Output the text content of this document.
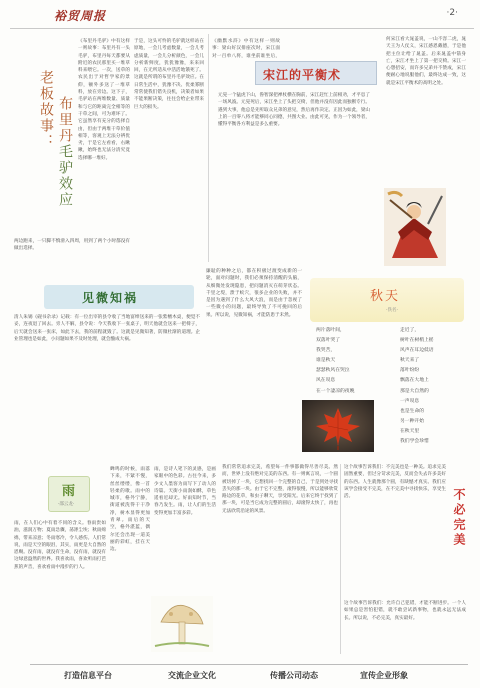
裕贸周报	·2·
老板故事： 布里丹毛驴效应
《布里丹毛驴》中有这样一则故事：布里丹有一头毛驴，布里丹每天都要从附近的农民那里买一堆草料来喂它。一次，送草的农民出于对哲学家的景仰，额外多送了一堆草料，放在旁边。这下子，毛驴站在两堆数量、质量和与它的距离完全相等的干草之间，可为难坏了。它虽然享有充分的选择自由，但由于两堆干草价值相等，客观上无法分辨优劣，于是它左看看，右瞅瞅，始终也无法分清究竟选择哪一堆好。
两边跑来，一只脚不慎滑入四周，用到了两个小时都没有做出选择。
于是，这头可怜的毛驴就这样站在原地，一会儿考虑数量，一会儿考虑质量，一会儿分析颜色，一会儿分析新鲜度，犹犹豫豫，来来回回，在无所适从中活活地饿死了。这就是所谓的布里丹毛驴效应。在日常生活中，犹豫不决、优柔寡断常常使我们错失良机，决策者如果不能果断决策，往往会给企业带来巨大的损失。
宋江的平衡术
《幽默水浒》中有这样一则故事：梁山好汉排座次时，宋江面对一百单八将，谁坐前谁坐后，
元晃一个猛虎下山，鲁智深把禅杖横在胸前，宋江赶忙上前相劝，才平息了一场风波。元晃死后，宋江坐上了头把交椅，但他并没有因此而独断专行。遇到大事，他总是先听取众兄弟的意见，然后再作决定。正因为如此，梁山上的一百零八将才能够同心同德，共图大业。由此可见，作为一个领导者，懂得平衡各方利益是多么重要。
何宋江看大晁盖说，一山不容二虎，晁天王为人仗义，宋江感恩戴德，于是他把主位让给了晁盖。后来晁盖中箭身亡，宋江才坐上了第一把交椅。宋江一心想招安，而许多兄弟并不赞成，宋江便耐心地说服他们，最终达成一致，这就是宋江平衡术的高明之处。
见微知祸
清人朱锡《砚书杂录》记载：有一位出宰的县令收了当地富绅送来的一张紫檀木桌，便觉不妥，连夜退了回去。旁人不解，县令说：今天我收下一张桌子，明天他就会送来一把椅子，后天就会送来一张床，如此下去，我的前程就毁了。这就是见微知著，防微杜渐的道理。企业管理也是如此，小问题如果不及时处理，就会酿成大祸。
廉耻的种种之后，都在积极过渡变成新的一轮，面对问题时，我们必须保持清醒的头脑，从细微处发现隐患，把问题消灭在萌芽状态。千里之堤，溃于蚁穴，很多企业的失败，并不是因为遇到了什么大风大浪，而是由于忽视了一些微小的问题，最终导致了不可挽回的后果。所以说，见微知祸，才能防患于未然。
秋天
·佚名·
两片落叶间，
双落叶哭了
我哭苦，
谁是秋天
瑟瑟秋风在哭泣
风在叹息
在一个凄凉的夜晚
走近了，
树叶在树梢上摇
风声在耳边低语
秋天来了
落叶纷纷
飘落在大地上
那是大自然的
一声叹息
也是生命的
另一种开始
在秋天里
我们学会珍惜
雨
·邵云龙·
雨，在人们心中有着不同的含义。春雨贵如油，滋润万物；夏雨急骤，荡涤尘埃；秋雨绵绵，带来凉意；冬雨寒冷，令人感伤。人们常说，雨是天空的眼泪，其实，雨更是大自然的恩赐。没有雨，就没有生命，没有雨，就没有这绿意盎然的世界。我喜欢雨，喜欢听雨打芭蕉的声音，喜欢看雨中漫步的行人。
蝉鸣的时候，雨落下来，不紧不慢，丝丝缕缕，像一首轻柔的歌。雨中的城市，格外宁静，街道被洗得干干净净，树木显得更加青翠。雨后的天空，格外湛蓝，偶尔还会出现一道美丽的彩虹，挂在天边。
雨，是诗人笔下的灵感，是画家眼中的色彩。古往今来，多少文人墨客为雨写下了动人的诗篇。天街小雨润如酥，草色遥看近却无。好雨知时节，当春乃发生。雨，让人们的生活变得更加丰富多彩。
我们常常追求完美，希望每一件事都做得尽善尽美。然而，世界上没有绝对完美的东西。有一则寓言说，一个圆被切掉了一块，它想找回一个完整的自己，于是到处寻找丢失的那一块。由于它不完整，滚得很慢，所以能够欣赏路边的花草，和虫子聊天，享受阳光。后来它终于找到了那一块，可是当它成为完整的圆后，却滚得太快了，再也无法欣赏沿途的风景。
这个故事告诉我们：不完美也是一种美。追求完美固然重要，但过分苛求完美，反而会失去许多美好的东西。人生就像那个圆，有缺憾才真实。我们应该学会接受不完美，在不完美中寻找快乐，享受生活。
这个故事告诉我们：允许自己犯错，才能不断进步。一个人如果总是害怕犯错，就不敢尝试新事物，也就永远无法成长。所以说，不必完美，真实最好。
不必完美
打造信息平台	交流企业文化	传播公司动态	宣传企业形象
